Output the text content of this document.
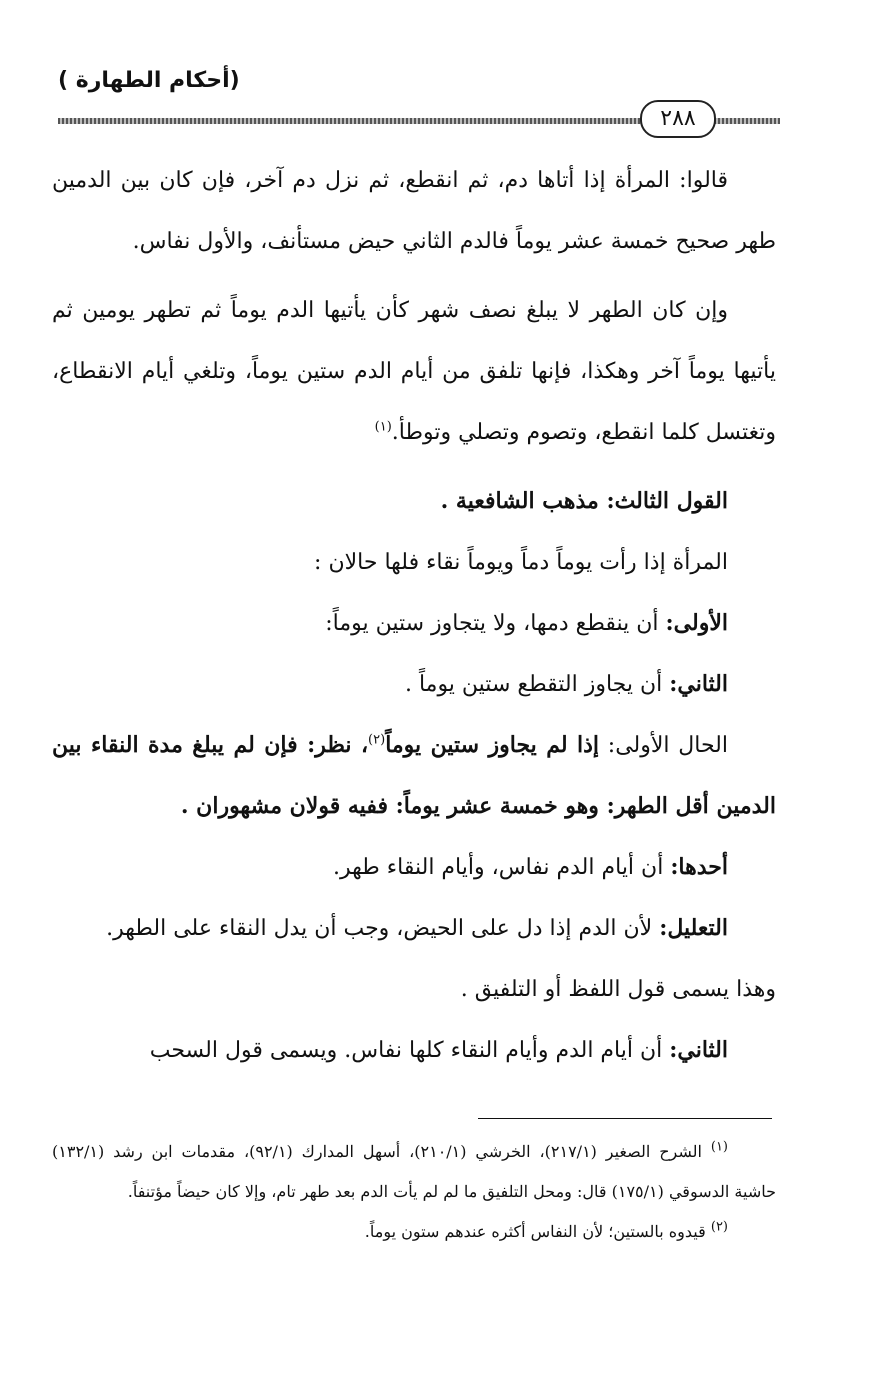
(أحكام الطهارة )
٢٨٨

قالوا: المرأة إذا أتاها دم، ثم انقطع، ثم نزل دم آخر، فإن كان بين الدمين طهر صحيح خمسة عشر يوماً فالدم الثاني حيض مستأنف، والأول نفاس.

وإن كان الطهر لا يبلغ نصف شهر كأن يأتيها الدم يوماً ثم تطهر يومين ثم يأتيها يوماً آخر وهكذا، فإنها تلفق من أيام الدم ستين يوماً، وتلغي أيام الانقطاع، وتغتسل كلما انقطع، وتصوم وتصلي وتوطأ.$^{(١)}$

القول الثالث: مذهب الشافعية .

المرأة إذا رأت يوماً دماً ويوماً نقاء فلها حالان :

الأولى: أن ينقطع دمها، ولا يتجاوز ستين يوماً:

الثاني: أن يجاوز التقطع ستين يوماً .

الحال الأولى: إذا لم يجاوز ستين يوماً$^{(٢)}$، نظر: فإن لم يبلغ مدة النقاء بين الدمين أقل الطهر: وهو خمسة عشر يوماً: ففيه قولان مشهوران .

أحدها: أن أيام الدم نفاس، وأيام النقاء طهر.

التعليل: لأن الدم إذا دل على الحيض، وجب أن يدل النقاء على الطهر.

وهذا يسمى قول اللفظ أو التلفيق .

الثاني: أن أيام الدم وأيام النقاء كلها نفاس. ويسمى قول السحب

$^{(١)}$ الشرح الصغير (٢١٧/١)، الخرشي (٢١٠/١)، أسهل المدارك (٩٢/١)، مقدمات ابن رشد (١٣٢/١) حاشية الدسوقي (١٧٥/١) قال: ومحل التلفيق ما لم لم يأت الدم بعد طهر تام، وإلا كان حيضاً مؤتنفاً.

$^{(٢)}$ قيدوه بالستين؛ لأن النفاس أكثره عندهم ستون يوماً.
